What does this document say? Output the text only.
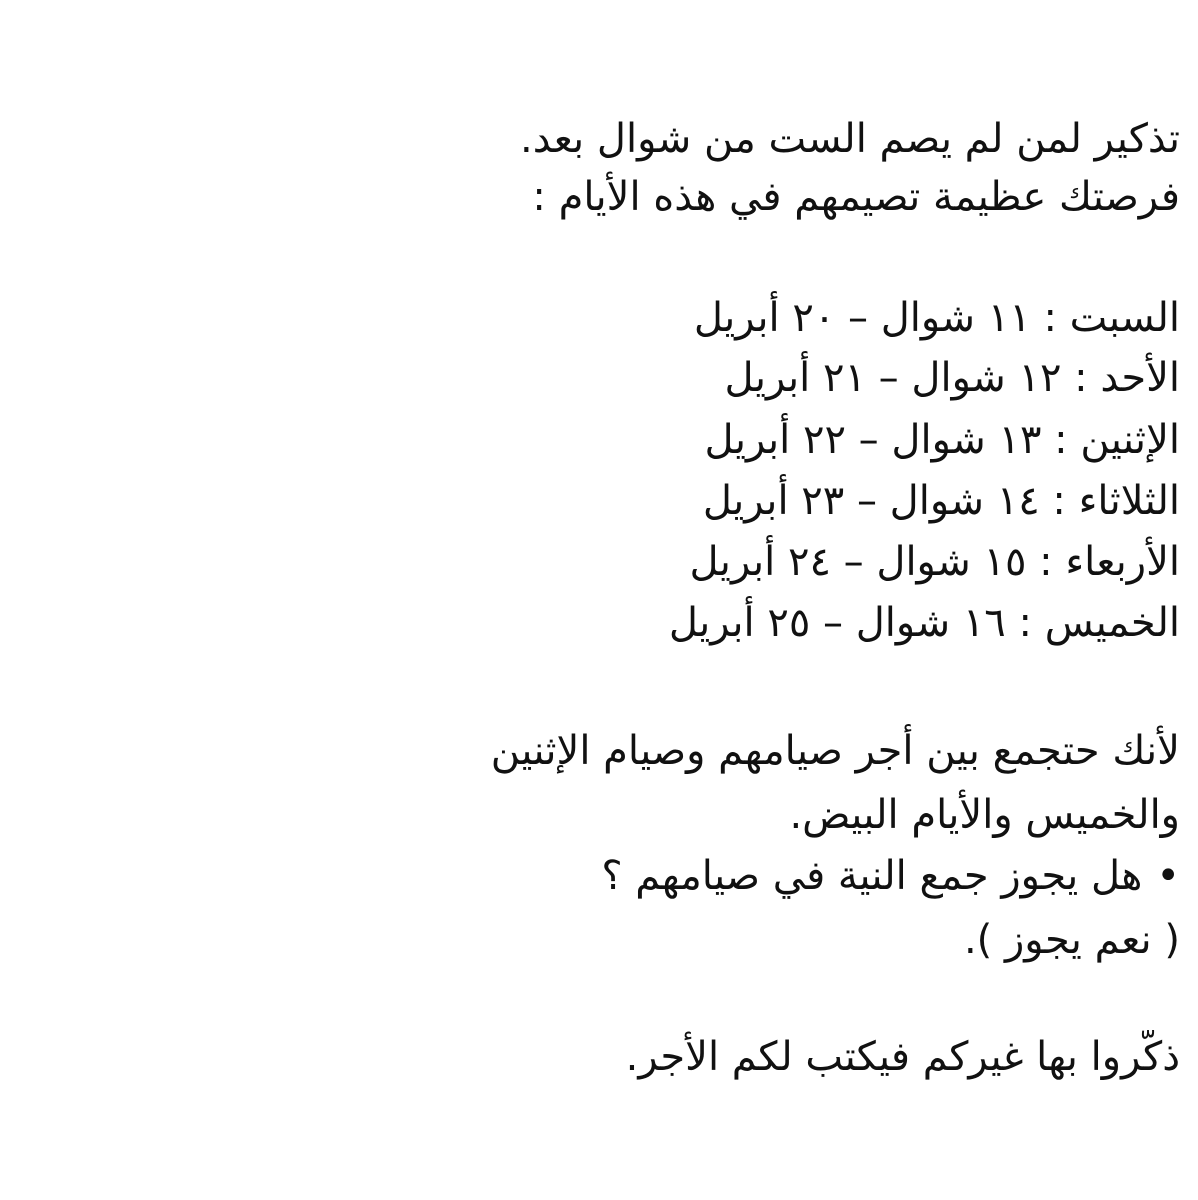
تذكير لمن لم يصم الست من شوال بعد.
فرصتك عظيمة تصيمهم في هذه الأيام :
السبت : ١١ شوال – ٢٠ أبريل
الأحد : ١٢ شوال – ٢١ أبريل
الإثنين : ١٣ شوال – ٢٢ أبريل
الثلاثاء : ١٤ شوال – ٢٣ أبريل
الأربعاء : ١٥ شوال – ٢٤ أبريل
الخميس : ١٦ شوال – ٢٥ أبريل
لأنك حتجمع بين أجر صيامهم وصيام الإثنين
والخميس والأيام البيض.
•هل يجوز جمع النية في صيامهم ؟
( نعم يجوز ).
ذكّروا بها غيركم فيكتب لكم الأجر.
